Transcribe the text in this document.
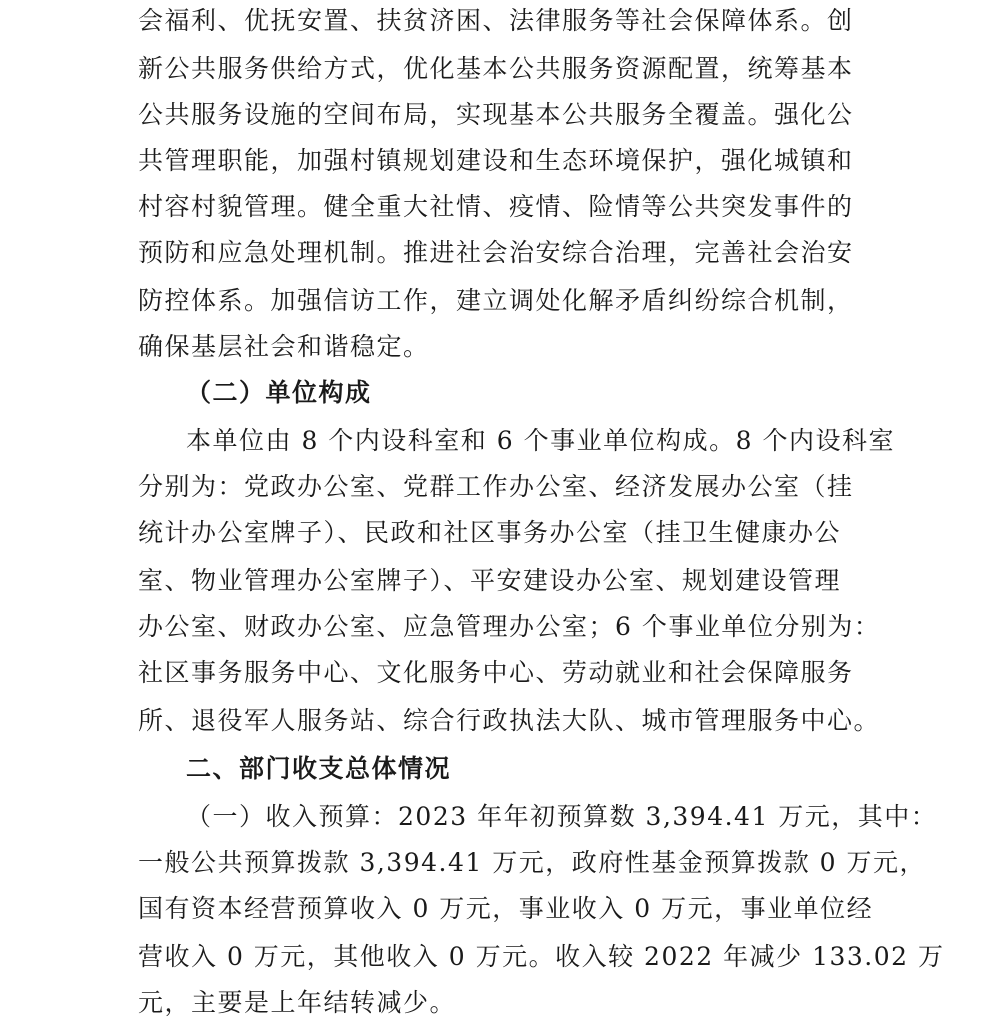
会福利、优抚安置、扶贫济困、法律服务等社会保障体系。创
新公共服务供给方式，优化基本公共服务资源配置，统筹基本
公共服务设施的空间布局，实现基本公共服务全覆盖。强化公
共管理职能，加强村镇规划建设和生态环境保护，强化城镇和
村容村貌管理。健全重大社情、疫情、险情等公共突发事件的
预防和应急处理机制。推进社会治安综合治理，完善社会治安
防控体系。加强信访工作，建立调处化解矛盾纠纷综合机制，
确保基层社会和谐稳定。
（二）单位构成
本单位由 8 个内设科室和 6 个事业单位构成。8 个内设科室
分别为：党政办公室、党群工作办公室、经济发展办公室（挂
统计办公室牌子）、民政和社区事务办公室（挂卫生健康办公
室、物业管理办公室牌子）、平安建设办公室、规划建设管理
办公室、财政办公室、应急管理办公室；6 个事业单位分别为：
社区事务服务中心、文化服务中心、劳动就业和社会保障服务
所、退役军人服务站、综合行政执法大队、城市管理服务中心。
二、部门收支总体情况
（一）收入预算：2023 年年初预算数 3,394.41 万元，其中：
一般公共预算拨款 3,394.41 万元，政府性基金预算拨款 0 万元，
国有资本经营预算收入 0 万元，事业收入 0 万元，事业单位经
营收入 0 万元，其他收入 0 万元。收入较 2022 年减少 133.02 万
元，主要是上年结转减少。
